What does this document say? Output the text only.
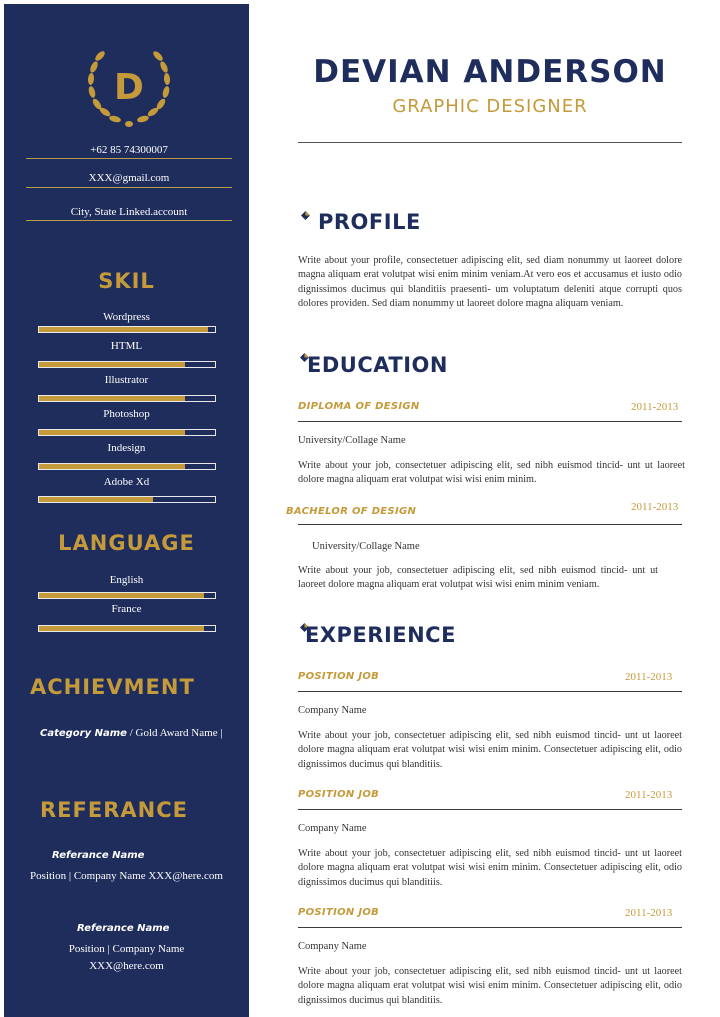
D
+62 85 74300007
XXX@gmail.com
City, State Linked.account
SKIL
Wordpress
HTML
Illustrator
Photoshop
Indesign
Adobe Xd
LANGUAGE
English
France
ACHIEVMENT
Category Name / Gold Award Name |
REFERANCE
Referance Name
Position | Company Name XXX@here.com
Referance Name
Position | Company Name
XXX@here.com
DEVIAN ANDERSON
GRAPHIC DESIGNER
PROFILE
Write about your profile, consectetuer adipiscing elit, sed diam nonummy ut laoreet dolore magna aliquam erat volutpat wisi enim minim veniam.At vero eos et accusamus et iusto odio dignissimos ducimus qui blanditiis praesenti- um voluptatum deleniti atque corrupti quos dolores providen. Sed diam nonummy ut laoreet dolore magna aliquam veniam.
EDUCATION
DIPLOMA OF DESIGN	2011-2013
University/Collage Name
Write about your job, consectetuer adipiscing elit, sed nibh euismod tincid- unt ut laoreet dolore magna aliquam erat volutpat wisi wisi enim minim.
BACHELOR OF DESIGN	2011-2013
University/Collage Name
Write about your job, consectetuer adipiscing elit, sed nibh euismod tincid- unt ut laoreet dolore magna aliquam erat volutpat wisi wisi enim minim veniam.
EXPERIENCE
POSITION JOB	2011-2013
Company Name
Write about your job, consectetuer adipiscing elit, sed nibh euismod tincid- unt ut laoreet dolore magna aliquam erat volutpat wisi wisi enim minim. Consectetuer adipiscing elit, odio dignissimos ducimus qui blanditiis.
POSITION JOB	2011-2013
Company Name
Write about your job, consectetuer adipiscing elit, sed nibh euismod tincid- unt ut laoreet dolore magna aliquam erat volutpat wisi wisi enim minim. Consectetuer adipiscing elit, odio dignissimos ducimus qui blanditiis.
POSITION JOB	2011-2013
Company Name
Write about your job, consectetuer adipiscing elit, sed nibh euismod tincid- unt ut laoreet dolore magna aliquam erat volutpat wisi wisi enim minim. Consectetuer adipiscing elit, odio dignissimos ducimus qui blanditiis.
